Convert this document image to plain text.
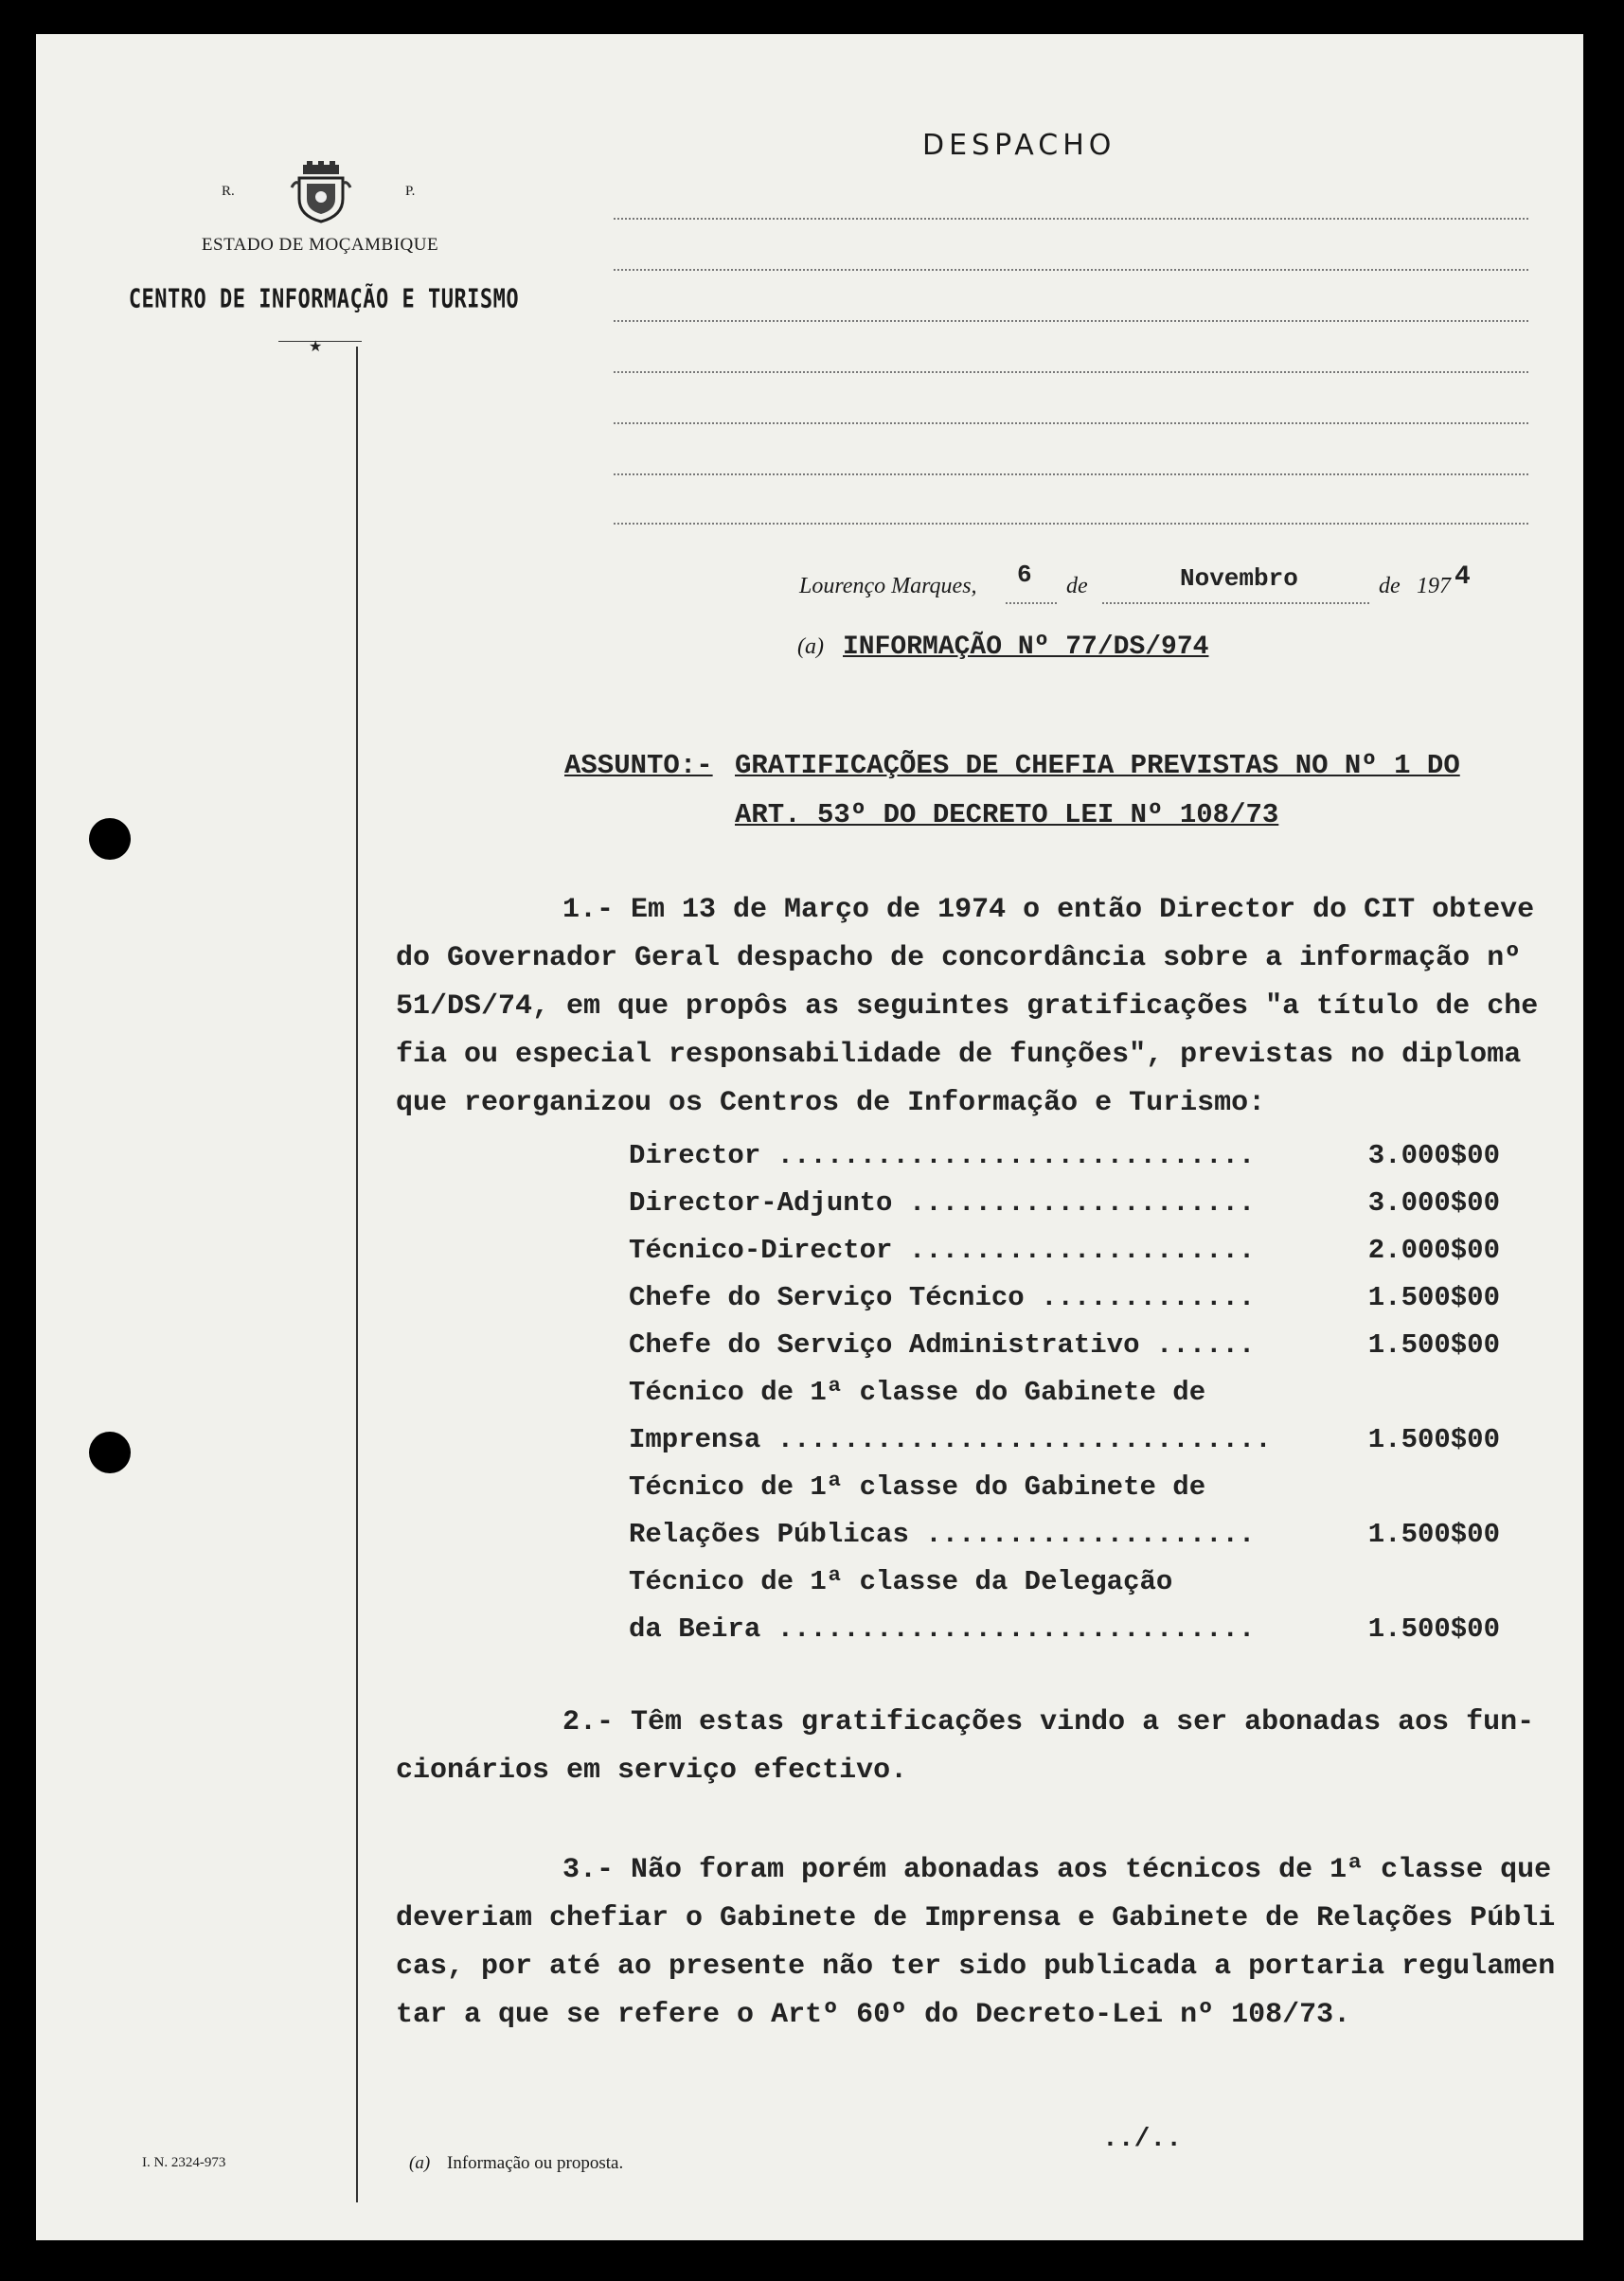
R.	P.
ESTADO DE MOÇAMBIQUE
CENTRO DE INFORMAÇÃO E TURISMO
★
DESPACHO
Lourenço Marques, 6 de	Novembro	de 197 4
(a) INFORMAÇÃO Nº 77/DS/974
ASSUNTO:- GRATIFICAÇÕES DE CHEFIA PREVISTAS NO Nº 1 DO
ART. 53º DO DECRETO LEI Nº 108/73
1.- Em 13 de Março de 1974 o então Director do CIT obteve
do Governador Geral despacho de concordância sobre a informação nº
51/DS/74, em que propôs as seguintes gratificações "a título de che
fia ou especial responsabilidade de funções", previstas no diploma
que reorganizou os Centros de Informação e Turismo:
Director .............................	3.000$00
Director-Adjunto .....................	3.000$00
Técnico-Director .....................	2.000$00
Chefe do Serviço Técnico .............	1.500$00
Chefe do Serviço Administrativo ......	1.500$00
Técnico de 1ª classe do Gabinete de
Imprensa ..............................	1.500$00
Técnico de 1ª classe do Gabinete de
Relações Públicas ....................	1.500$00
Técnico de 1ª classe da Delegação
da Beira .............................	1.500$00
2.- Têm estas gratificações vindo a ser abonadas aos fun-
cionários em serviço efectivo.
3.- Não foram porém abonadas aos técnicos de 1ª classe que
deveriam chefiar o Gabinete de Imprensa e Gabinete de Relações Públi
cas, por até ao presente não ter sido publicada a portaria regulamen
tar a que se refere o Artº 60º do Decreto-Lei nº 108/73.
../..
I. N. 2324-973	(a) Informação ou proposta.
